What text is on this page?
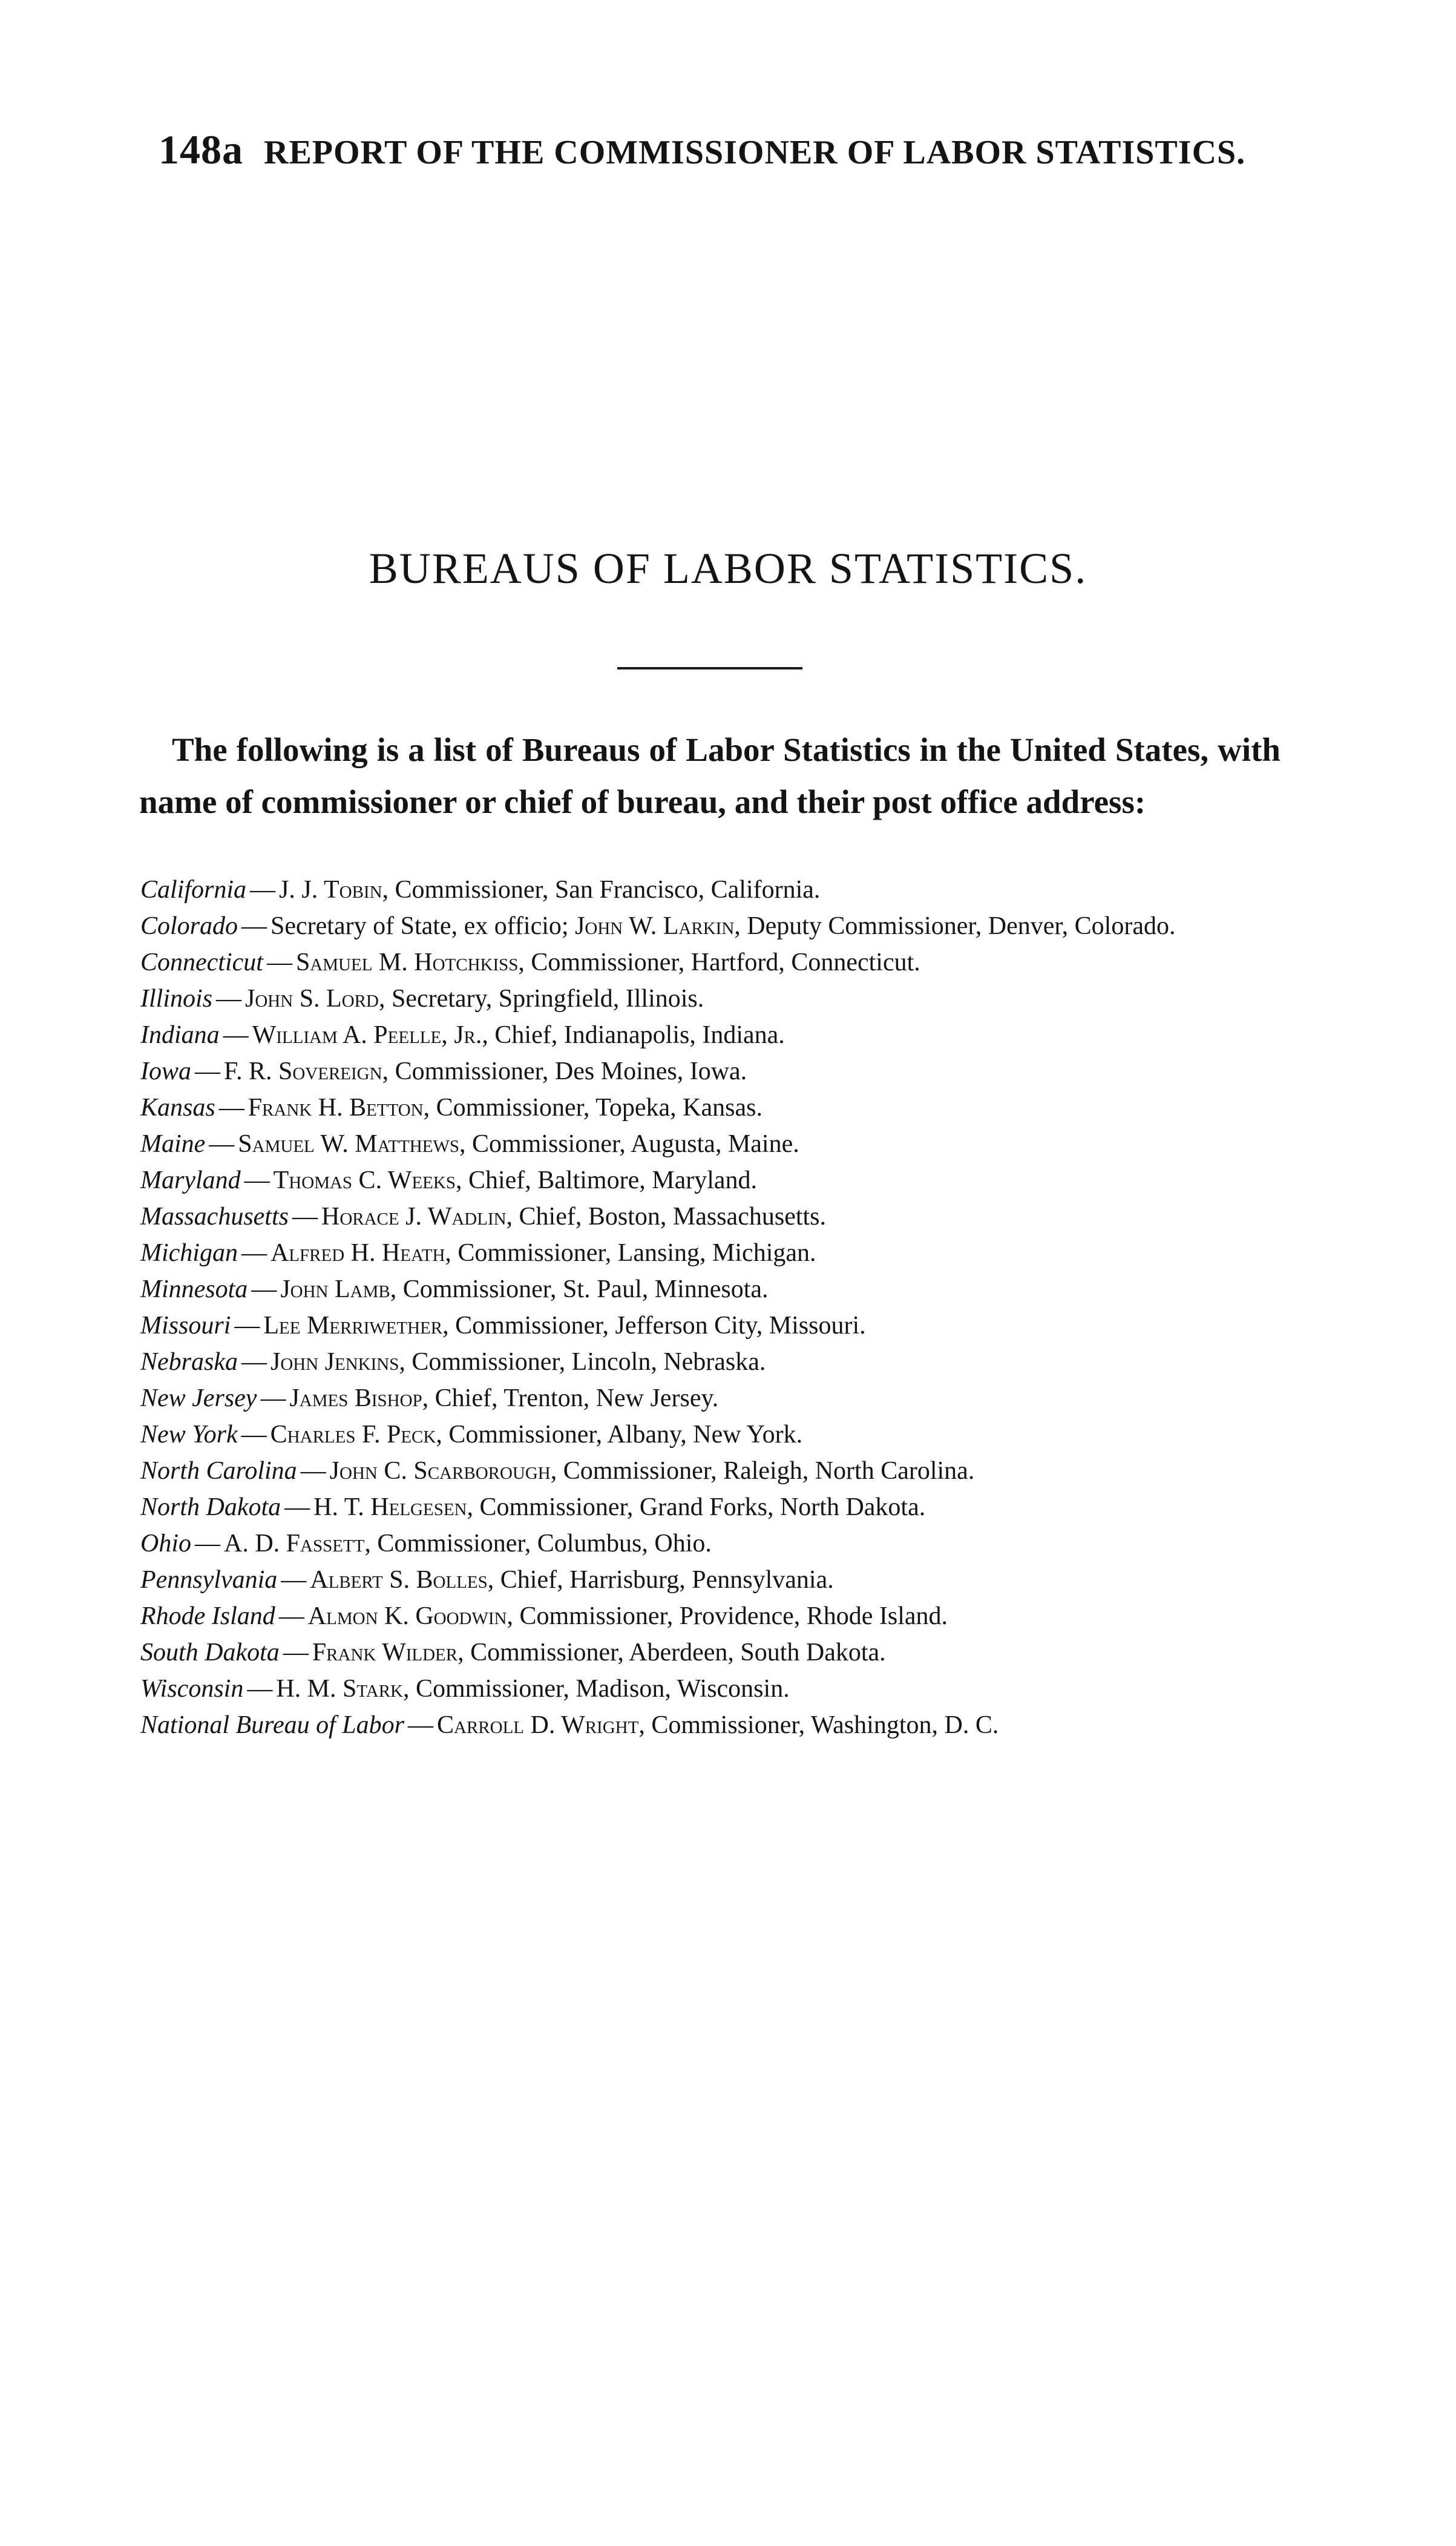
148a REPORT OF THE COMMISSIONER OF LABOR STATISTICS.
BUREAUS OF LABOR STATISTICS.
The following is a list of Bureaus of Labor Statistics in the United States, with name of commissioner or chief of bureau, and their post office address:
California — J. J. Tobin, Commissioner, San Francisco, California.
Colorado — Secretary of State, ex officio; John W. Larkin, Deputy Commissioner, Denver, Colorado.
Connecticut — Samuel M. Hotchkiss, Commissioner, Hartford, Connecticut.
Illinois — John S. Lord, Secretary, Springfield, Illinois.
Indiana — William A. Peelle, Jr., Chief, Indianapolis, Indiana.
Iowa — F. R. Sovereign, Commissioner, Des Moines, Iowa.
Kansas — Frank H. Betton, Commissioner, Topeka, Kansas.
Maine — Samuel W. Matthews, Commissioner, Augusta, Maine.
Maryland — Thomas C. Weeks, Chief, Baltimore, Maryland.
Massachusetts — Horace J. Wadlin, Chief, Boston, Massachusetts.
Michigan — Alfred H. Heath, Commissioner, Lansing, Michigan.
Minnesota — John Lamb, Commissioner, St. Paul, Minnesota.
Missouri — Lee Merriwether, Commissioner, Jefferson City, Missouri.
Nebraska — John Jenkins, Commissioner, Lincoln, Nebraska.
New Jersey — James Bishop, Chief, Trenton, New Jersey.
New York — Charles F. Peck, Commissioner, Albany, New York.
North Carolina — John C. Scarborough, Commissioner, Raleigh, North Carolina.
North Dakota — H. T. Helgesen, Commissioner, Grand Forks, North Dakota.
Ohio — A. D. Fassett, Commissioner, Columbus, Ohio.
Pennsylvania — Albert S. Bolles, Chief, Harrisburg, Pennsylvania.
Rhode Island — Almon K. Goodwin, Commissioner, Providence, Rhode Island.
South Dakota — Frank Wilder, Commissioner, Aberdeen, South Dakota.
Wisconsin — H. M. Stark, Commissioner, Madison, Wisconsin.
National Bureau of Labor — Carroll D. Wright, Commissioner, Washington, D. C.
